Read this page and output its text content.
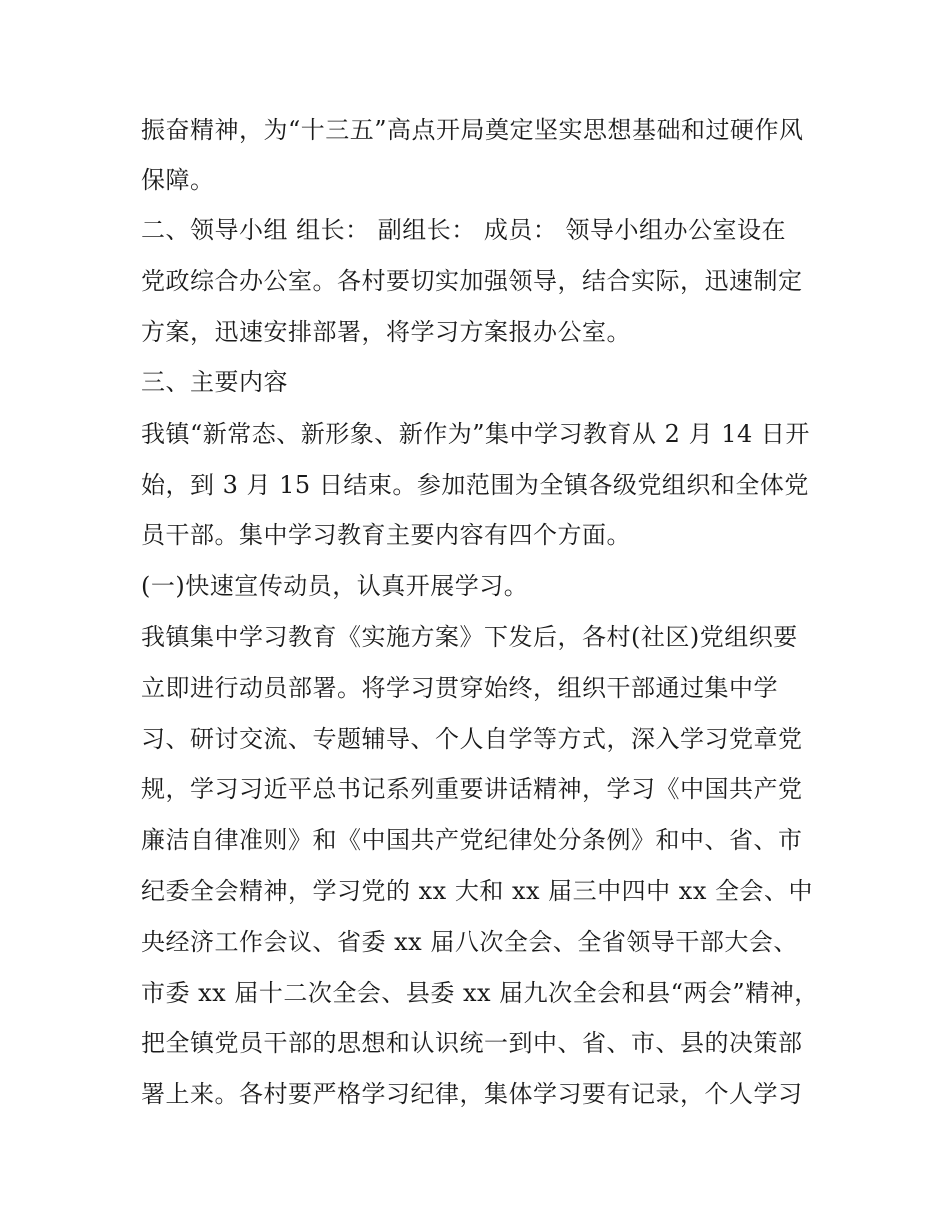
振奋精神，为“十三五”高点开局奠定坚实思想基础和过硬作风
保障。
二、领导小组 组长： 副组长： 成员： 领导小组办公室设在
党政综合办公室。各村要切实加强领导，结合实际，迅速制定
方案，迅速安排部署，将学习方案报办公室。
三、主要内容
我镇“新常态、新形象、新作为”集中学习教育从 2 月 14 日开
始，到 3 月 15 日结束。参加范围为全镇各级党组织和全体党
员干部。集中学习教育主要内容有四个方面。
(一)快速宣传动员，认真开展学习。
我镇集中学习教育《实施方案》下发后，各村(社区)党组织要
立即进行动员部署。将学习贯穿始终，组织干部通过集中学
习、研讨交流、专题辅导、个人自学等方式，深入学习党章党
规，学习习近平总书记系列重要讲话精神，学习《中国共产党
廉洁自律准则》和《中国共产党纪律处分条例》和中、省、市
纪委全会精神，学习党的 xx 大和 xx 届三中四中 xx 全会、中
央经济工作会议、省委 xx 届八次全会、全省领导干部大会、
市委 xx 届十二次全会、县委 xx 届九次全会和县“两会”精神，
把全镇党员干部的思想和认识统一到中、省、市、县的决策部
署上来。各村要严格学习纪律，集体学习要有记录，个人学习
